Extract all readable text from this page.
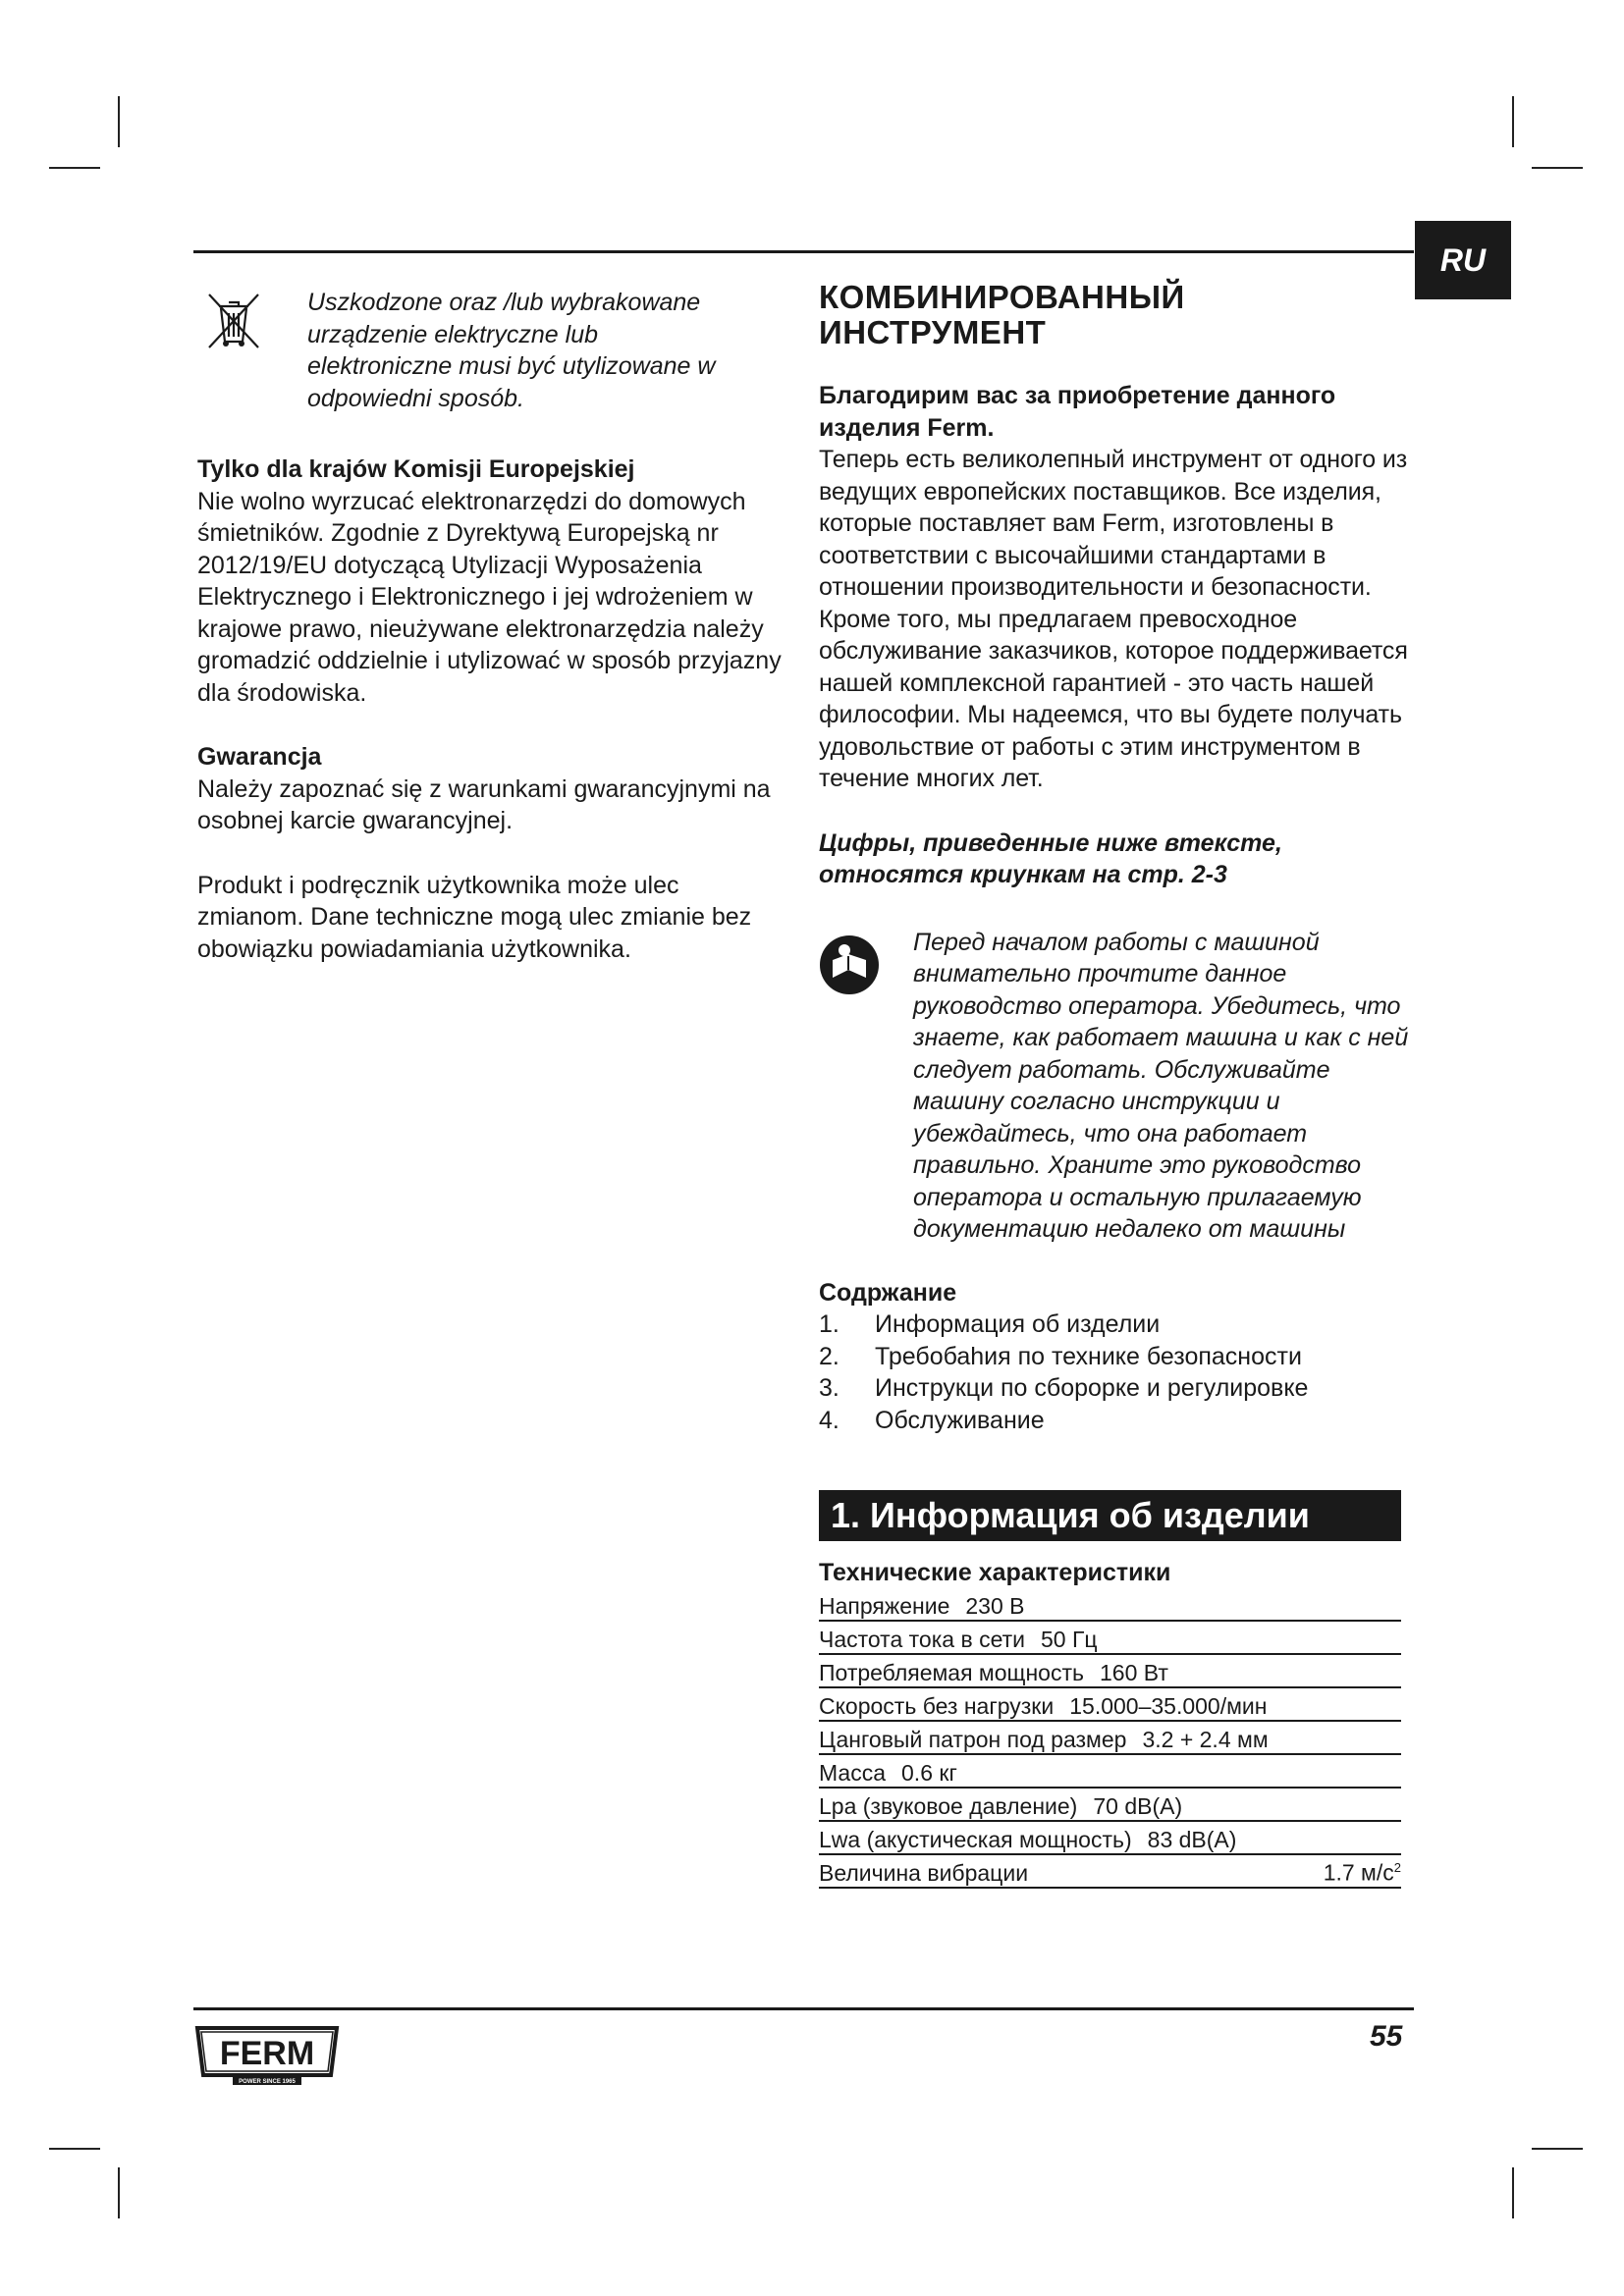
RU
Uszkodzone oraz /lub wybrakowane urządzenie elektryczne lub elektroniczne musi być utylizowane w odpowiedni sposób.
Tylko dla krajów Komisji Europejskiej
Nie wolno wyrzucać elektronarzędzi do domowych śmietników. Zgodnie z Dyrektywą Europejską nr 2012/19/EU dotyczącą Utylizacji Wyposażenia Elektrycznego i Elektronicznego i jej wdrożeniem w krajowe prawo, nieużywane elektronarzędzia należy gromadzić oddzielnie i utylizować w sposób przyjazny dla środowiska.
Gwarancja
Należy zapoznać się z warunkami gwarancyjnymi na osobnej karcie gwarancyjnej.
Produkt i podręcznik użytkownika może ulec zmianom. Dane techniczne mogą ulec zmianie bez obowiązku powiadamiania użytkownika.
КОМБИНИРОВАННЫЙ
ИНСТРУМЕНТ
Благодирим вас за приобретение данного изделия Ferm.
Теперь есть великолепный инструмент от одного из ведущих европейских поставщиков. Все изделия, которые поставляет вам Ferm, изготовлены в соответствии с высочайшими стандартами в отношении производительности и безопасности. Кроме того, мы предлагаем превосходное обслуживание заказчиков, которое поддерживается нашей комплексной гарантией - это часть нашей философии. Мы надеемся, что вы будете получать удовольствие от работы с этим инструментом в течение многих лет.
Цифры, приведенные ниже втексте, относятся криункам на стр. 2-3
Перед началом работы с машиной внимательно прочтите данное руководство оператора. Убедитесь, что знаете, как работает машина и как с ней следует работать. Обслуживайте машину согласно инструкции и убеждайтесь, что она работает правильно. Храните это руководство оператора и остальную прилагаемую документацию недалеко от машины
Содржание
1.	Информация об изделии
2.	Требобаhия по технике безопасности
3.	Инструкци по сборорке и регулировке
4.	Обслуживание
1. Информация об изделии
Технические характеристики
Напряжение 230 В
Частота тока в сети 50 Гц
Потребляемая мощность 160 Вт
Скорость без нагрузки 15.000–35.000/мин
Цанговый патрон под размер 3.2 + 2.4 мм
Масса 0.6 кг
Lpa (звуковое давление) 70 dB(A)
Lwa (акустическая мощность) 83 dB(A)
Величина вибрации	1.7 $м/с^2$
FERM
POWER SINCE 1965
55
